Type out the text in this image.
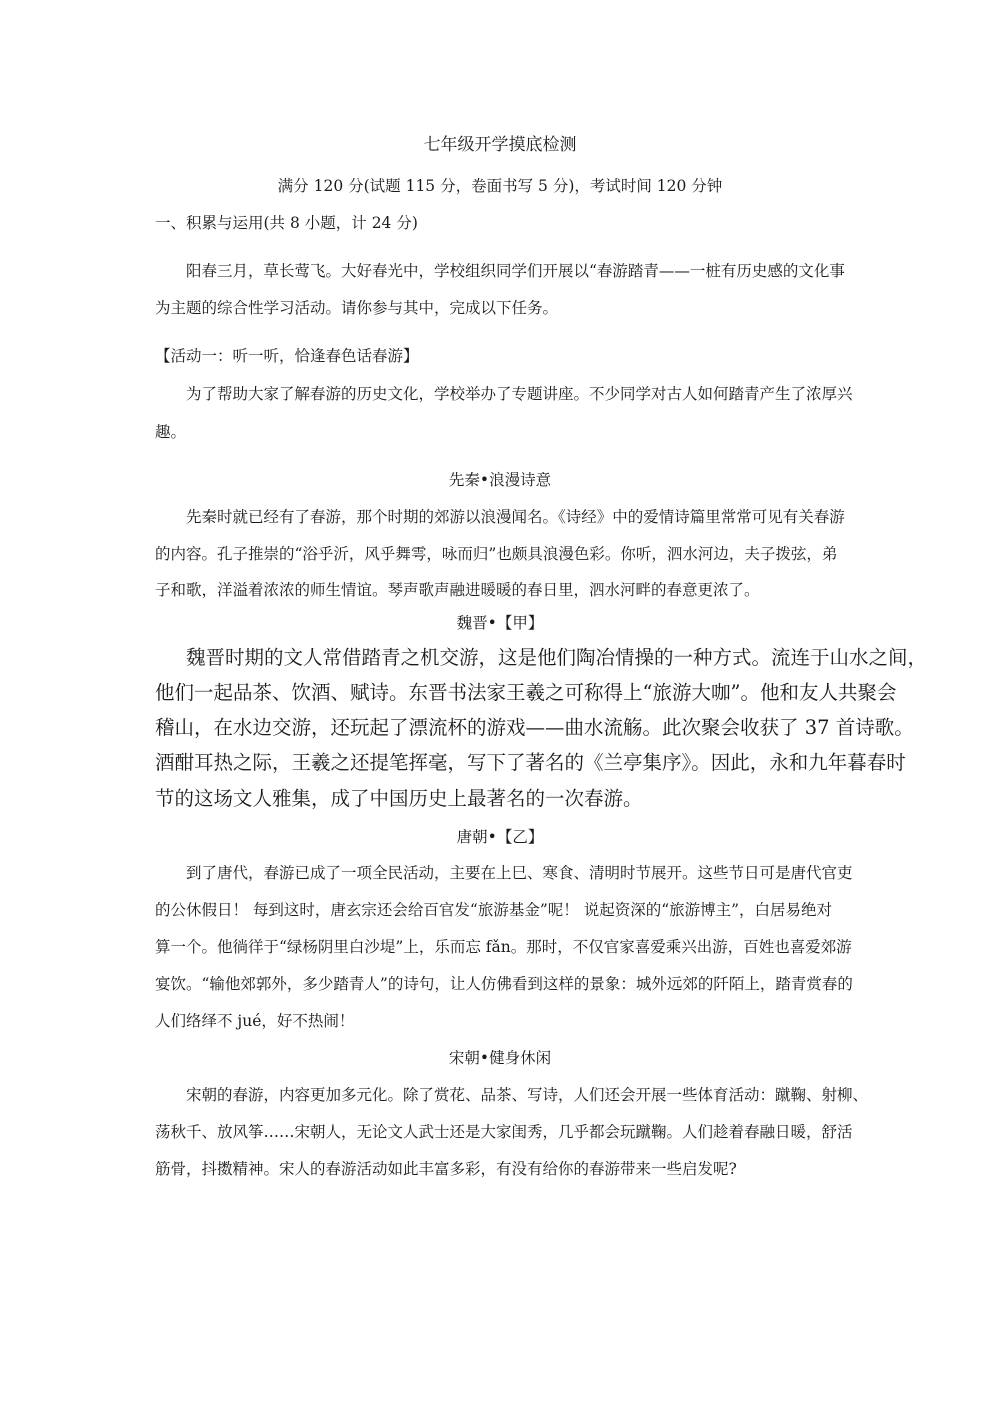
七年级开学摸底检测
满分 120 分(试题 115 分，卷面书写 5 分)，考试时间 120 分钟
一、积累与运用(共 8 小题，计 24 分)
阳春三月，草长莺飞。大好春光中，学校组织同学们开展以“春游踏青——一桩有历史感的文化事
为主题的综合性学习活动。请你参与其中，完成以下任务。
【活动一：听一听，恰逢春色话春游】
为了帮助大家了解春游的历史文化，学校举办了专题讲座。不少同学对古人如何踏青产生了浓厚兴
趣。
先秦•浪漫诗意
先秦时就已经有了春游，那个时期的郊游以浪漫闻名。《诗经》中的爱情诗篇里常常可见有关春游
的内容。孔子推崇的“浴乎沂，风乎舞雩，咏而归”也颇具浪漫色彩。你听，泗水河边，夫子拨弦，弟
子和歌，洋溢着浓浓的师生情谊。琴声歌声融进暖暖的春日里，泗水河畔的春意更浓了。
魏晋•【甲】
魏晋时期的文人常借踏青之机交游，这是他们陶冶情操的一种方式。流连于山水之间，
他们一起品茶、饮酒、赋诗。东晋书法家王羲之可称得上“旅游大咖”。他和友人共聚会
稽山，在水边交游，还玩起了漂流杯的游戏——曲水流觞。此次聚会收获了 37 首诗歌。
酒酣耳热之际，王羲之还提笔挥毫，写下了著名的《兰亭集序》。因此，永和九年暮春时
节的这场文人雅集，成了中国历史上最著名的一次春游。
唐朝•【乙】
到了唐代，春游已成了一项全民活动，主要在上巳、寒食、清明时节展开。这些节日可是唐代官吏
的公休假日！ 每到这时，唐玄宗还会给百官发“旅游基金”呢！ 说起资深的“旅游博主”，白居易绝对
算一个。他徜徉于“绿杨阴里白沙堤”上，乐而忘 fǎn。那时，不仅官家喜爱乘兴出游，百姓也喜爱郊游
宴饮。“输他郊郭外，多少踏青人”的诗句，让人仿佛看到这样的景象：城外远郊的阡陌上，踏青赏春的
人们络绎不 jué，好不热闹！
宋朝•健身休闲
宋朝的春游，内容更加多元化。除了赏花、品茶、写诗，人们还会开展一些体育活动：蹴鞠、射柳、
荡秋千、放风筝……宋朝人，无论文人武士还是大家闺秀，几乎都会玩蹴鞠。人们趁着春融日暖，舒活
筋骨，抖擞精神。宋人的春游活动如此丰富多彩，有没有给你的春游带来一些启发呢?
